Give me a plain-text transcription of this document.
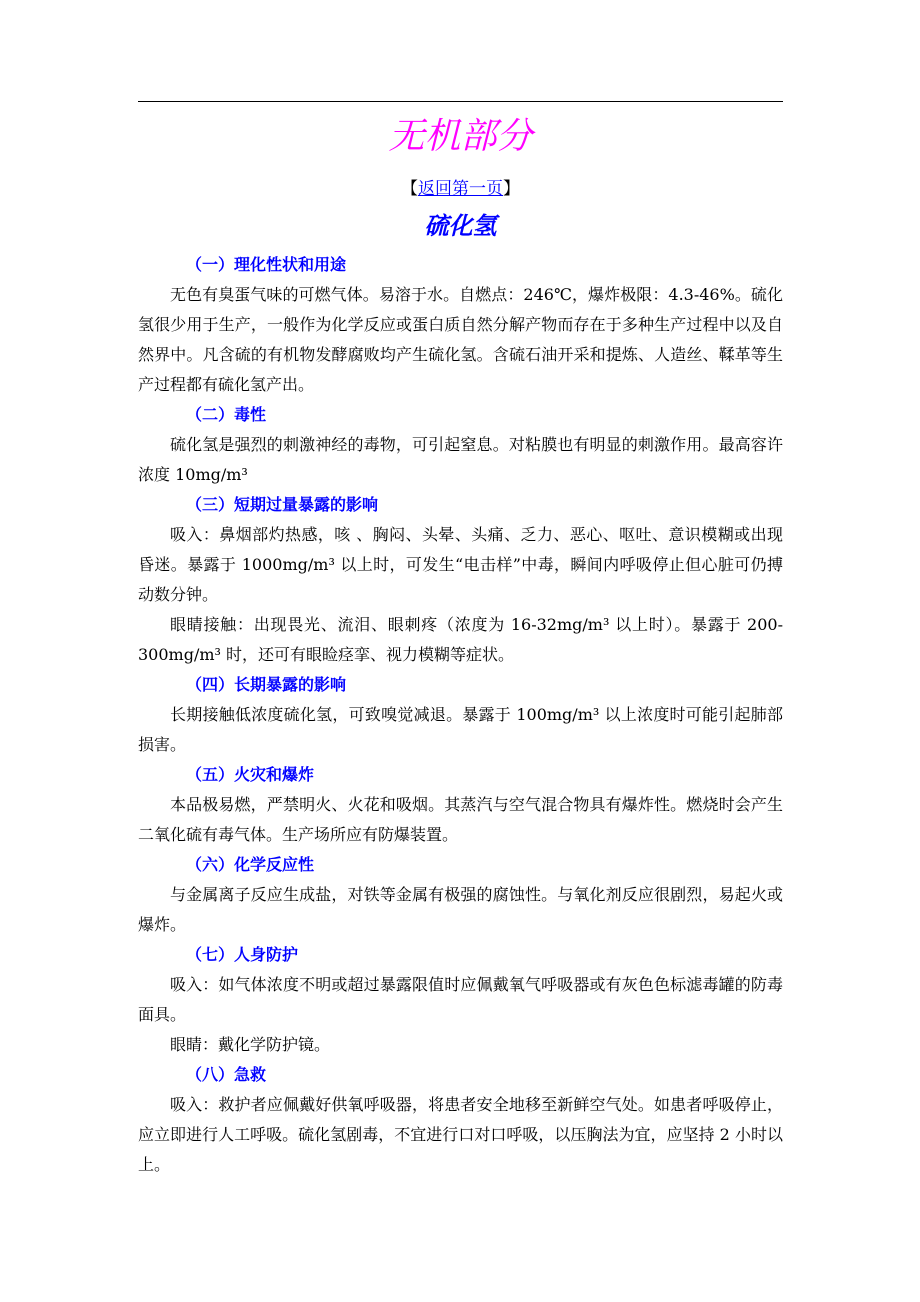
无机部分
【返回第一页】
硫化氢

（一）理化性状和用途

无色有臭蛋气味的可燃气体。易溶于水。自燃点：246℃，爆炸极限：4.3-46%。硫化氢很少用于生产，一般作为化学反应或蛋白质自然分解产物而存在于多种生产过程中以及自然界中。凡含硫的有机物发酵腐败均产生硫化氢。含硫石油开采和提炼、人造丝、鞣革等生产过程都有硫化氢产出。

（二）毒性

硫化氢是强烈的刺激神经的毒物，可引起窒息。对粘膜也有明显的刺激作用。最高容许浓度 10mg/m³

（三）短期过量暴露的影响

吸入：鼻烟部灼热感，咳 、胸闷、头晕、头痛、乏力、恶心、呕吐、意识模糊或出现昏迷。暴露于 1000mg/m³ 以上时，可发生“电击样”中毒，瞬间内呼吸停止但心脏可仍搏动数分钟。

眼睛接触：出现畏光、流泪、眼刺疼（浓度为 16-32mg/m³ 以上时）。暴露于 200-300mg/m³ 时，还可有眼睑痉挛、视力模糊等症状。

（四）长期暴露的影响

长期接触低浓度硫化氢，可致嗅觉减退。暴露于 100mg/m³ 以上浓度时可能引起肺部损害。

（五）火灾和爆炸

本品极易燃，严禁明火、火花和吸烟。其蒸汽与空气混合物具有爆炸性。燃烧时会产生二氧化硫有毒气体。生产场所应有防爆装置。

（六）化学反应性

与金属离子反应生成盐，对铁等金属有极强的腐蚀性。与氧化剂反应很剧烈，易起火或爆炸。

（七）人身防护

吸入：如气体浓度不明或超过暴露限值时应佩戴氧气呼吸器或有灰色色标滤毒罐的防毒面具。

眼睛：戴化学防护镜。

（八）急救

吸入：救护者应佩戴好供氧呼吸器，将患者安全地移至新鲜空气处。如患者呼吸停止，应立即进行人工呼吸。硫化氢剧毒，不宜进行口对口呼吸，以压胸法为宜，应坚持 2 小时以上。
